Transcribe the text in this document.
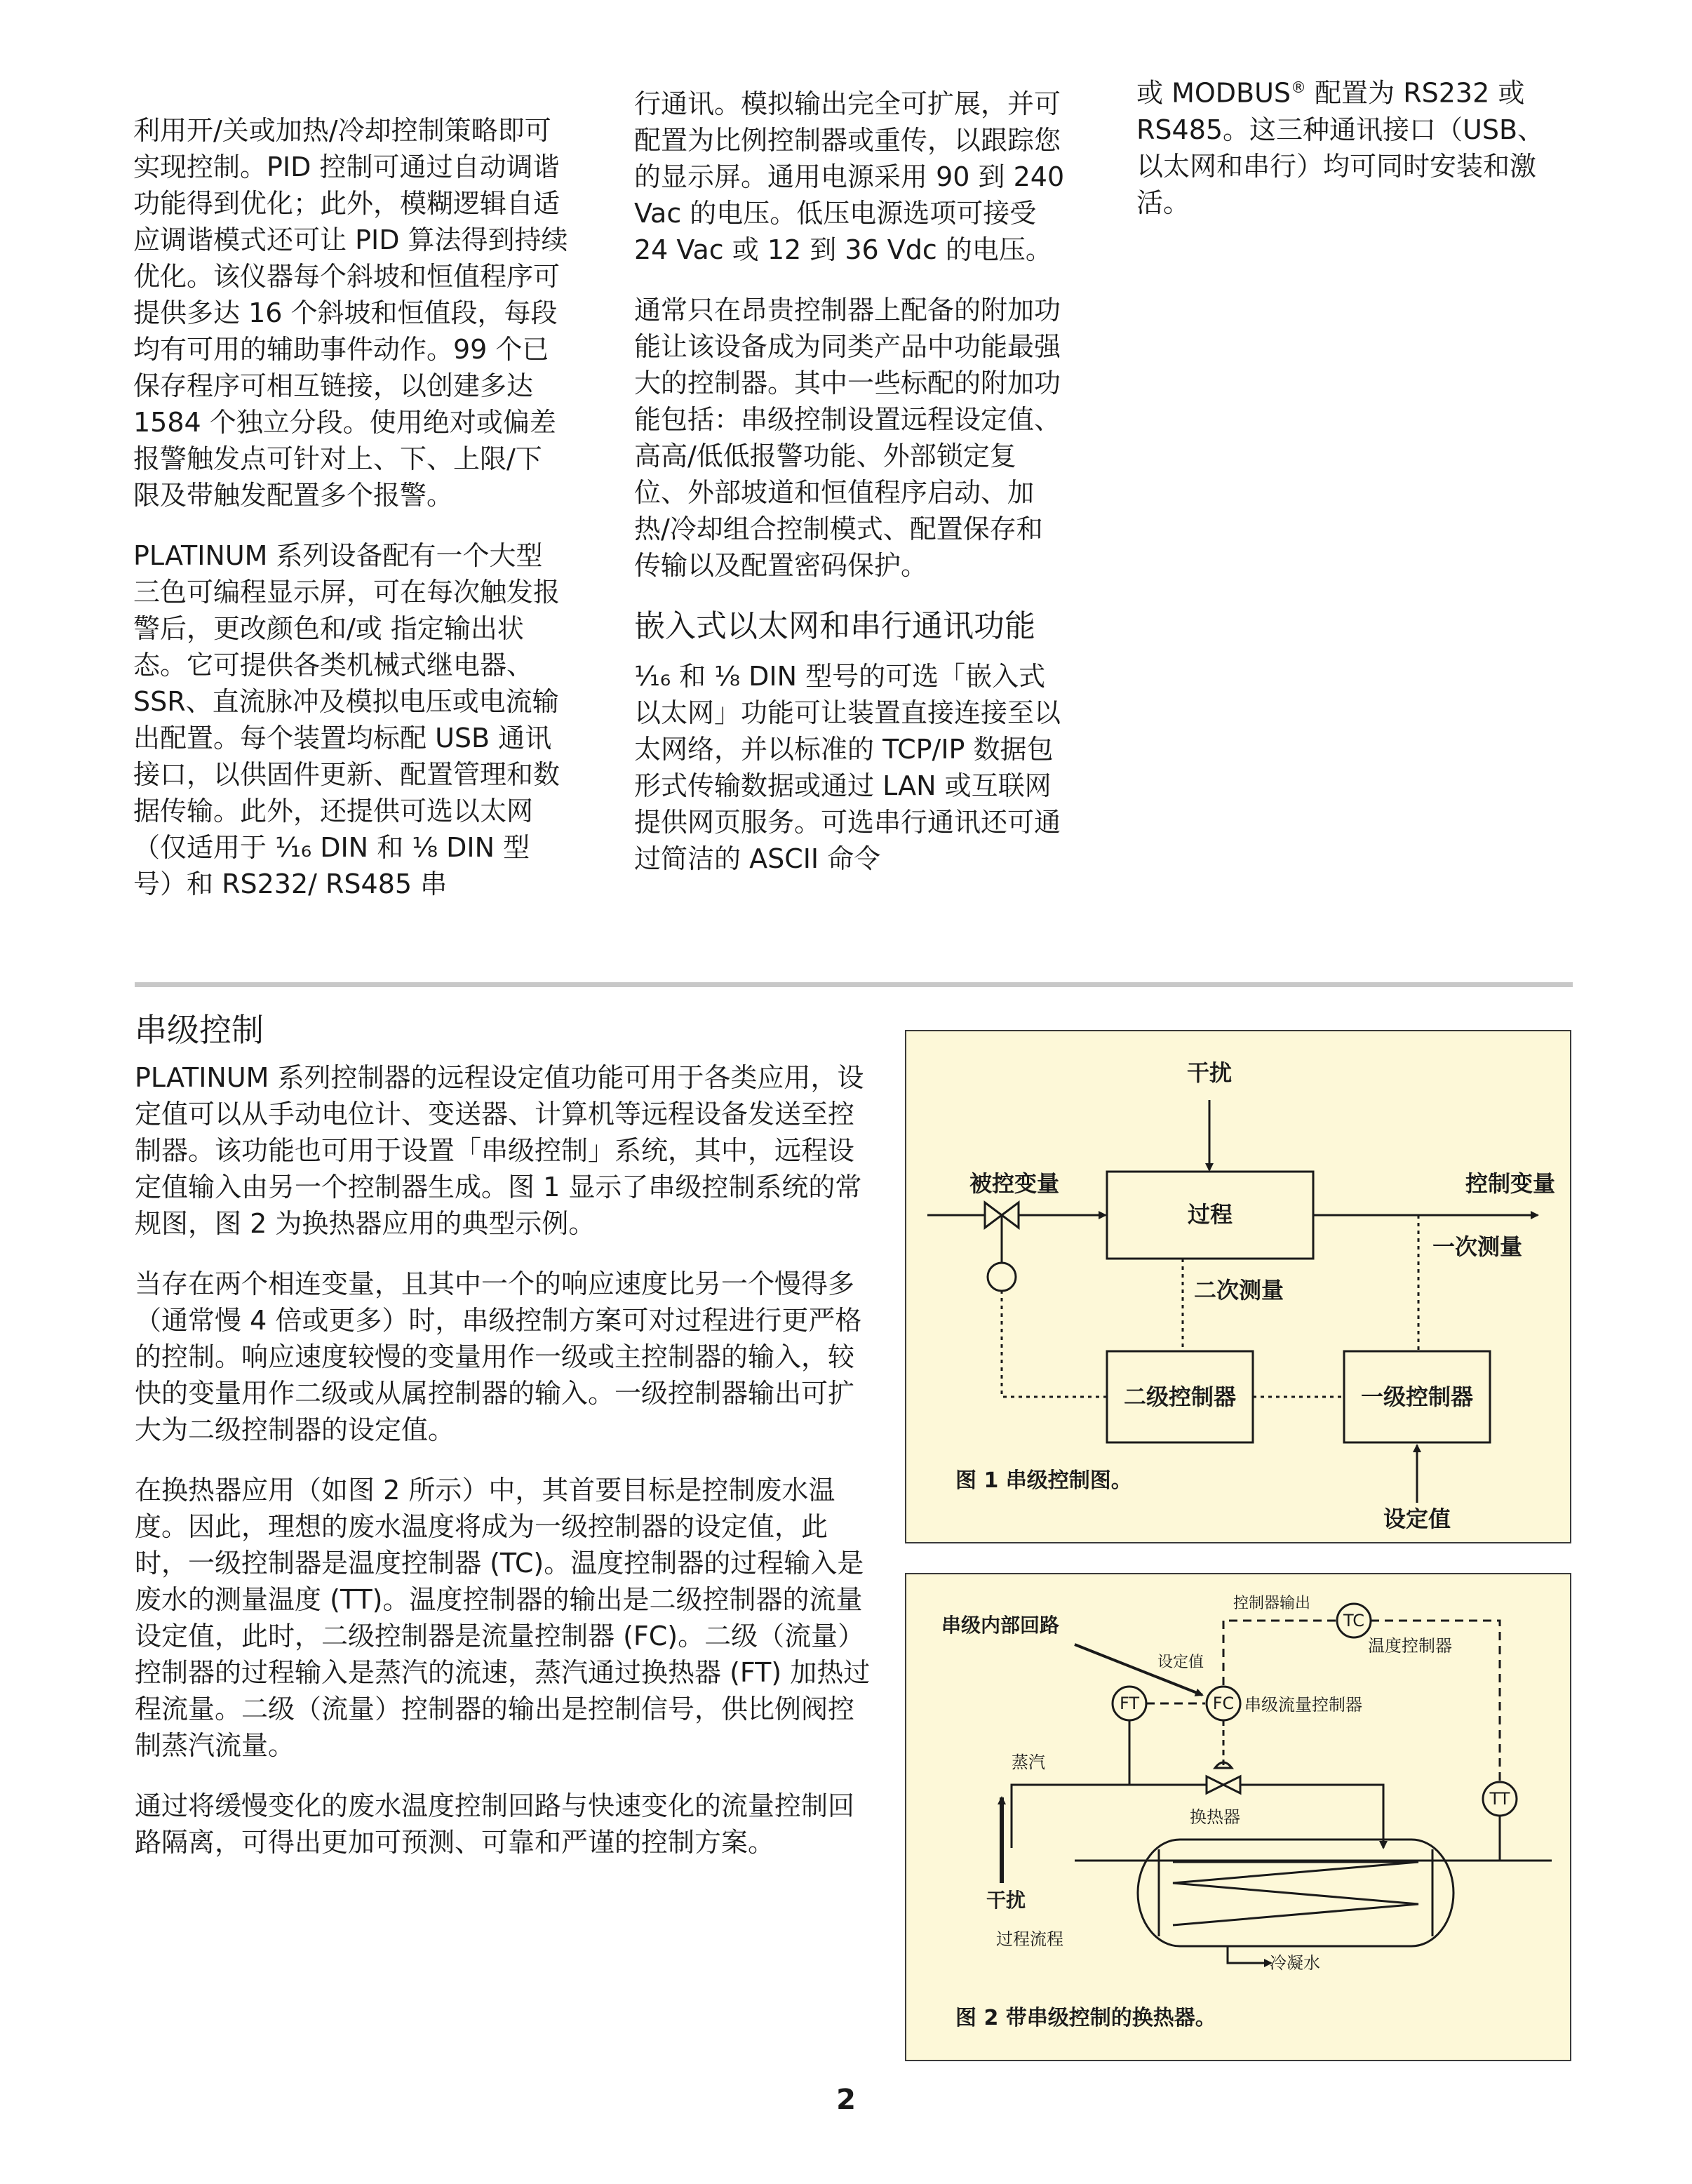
利用开/关或加热/冷却控制策略即可实现控制。PID 控制可通过自动调谐功能得到优化；此外，模糊逻辑自适应调谐模式还可让 PID 算法得到持续优化。该仪器每个斜坡和恒值程序可提供多达 16 个斜坡和恒值段，每段均有可用的辅助事件动作。99 个已保存程序可相互链接，以创建多达 1584 个独立分段。使用绝对或偏差报警触发点可针对上、下、上限/下限及带触发配置多个报警。

PLATINUM 系列设备配有一个大型三色可编程显示屏，可在每次触发报警后，更改颜色和/或 指定输出状态。它可提供各类机械式继电器、SSR、直流脉冲及模拟电压或电流输出配置。每个装置均标配 USB 通讯接口，以供固件更新、配置管理和数据传输。此外，还提供可选以太网（仅适用于 ⅟₁₆ DIN 和 ⅛ DIN 型号）和 RS232/ RS485 串

行通讯。模拟输出完全可扩展，并可配置为比例控制器或重传，以跟踪您的显示屏。通用电源采用 90 到 240 Vac 的电压。低压电源选项可接受 24 Vac 或 12 到 36 Vdc 的电压。

通常只在昂贵控制器上配备的附加功能让该设备成为同类产品中功能最强大的控制器。其中一些标配的附加功能包括：串级控制设置远程设定值、高高/低低报警功能、外部锁定复位、外部坡道和恒值程序启动、加热/冷却组合控制模式、配置保存和传输以及配置密码保护。

嵌入式以太网和串行通讯功能

⅟₁₆ 和 ⅛ DIN 型号的可选「嵌入式以太网」功能可让装置直接连接至以太网络，并以标准的 TCP/IP 数据包形式传输数据或通过 LAN 或互联网提供网页服务。可选串行通讯还可通过简洁的 ASCII 命令

或 MODBUS® 配置为 RS232 或 RS485。这三种通讯接口（USB、以太网和串行）均可同时安装和激活。

串级控制

PLATINUM 系列控制器的远程设定值功能可用于各类应用，设定值可以从手动电位计、变送器、计算机等远程设备发送至控制器。该功能也可用于设置「串级控制」系统，其中，远程设定值输入由另一个控制器生成。图 1 显示了串级控制系统的常规图，图 2 为换热器应用的典型示例。

当存在两个相连变量，且其中一个的响应速度比另一个慢得多（通常慢 4 倍或更多）时，串级控制方案可对过程进行更严格的控制。响应速度较慢的变量用作一级或主控制器的输入，较快的变量用作二级或从属控制器的输入。一级控制器输出可扩大为二级控制器的设定值。

在换热器应用（如图 2 所示）中，其首要目标是控制废水温度。因此，理想的废水温度将成为一级控制器的设定值，此时，一级控制器是温度控制器 (TC)。温度控制器的过程输入是废水的测量温度 (TT)。温度控制器的输出是二级控制器的流量设定值，此时，二级控制器是流量控制器 (FC)。二级（流量）控制器的过程输入是蒸汽的流速，蒸汽通过换热器 (FT) 加热过程流量。二级（流量）控制器的输出是控制信号，供比例阀控制蒸汽流量。

通过将缓慢变化的废水温度控制回路与快速变化的流量控制回路隔离，可得出更加可预测、可靠和严谨的控制方案。

干扰
过程
被控变量	控制变量
一次测量
二次测量
二级控制器	一级控制器
设定值
图 1 串级控制图。
控制器输出
TC
温度控制器
串级内部回路
设定值
FT	FC 串级流量控制器
蒸汽
TT
换热器
干扰
过程流程
冷凝水
图 2 带串级控制的换热器。
2
